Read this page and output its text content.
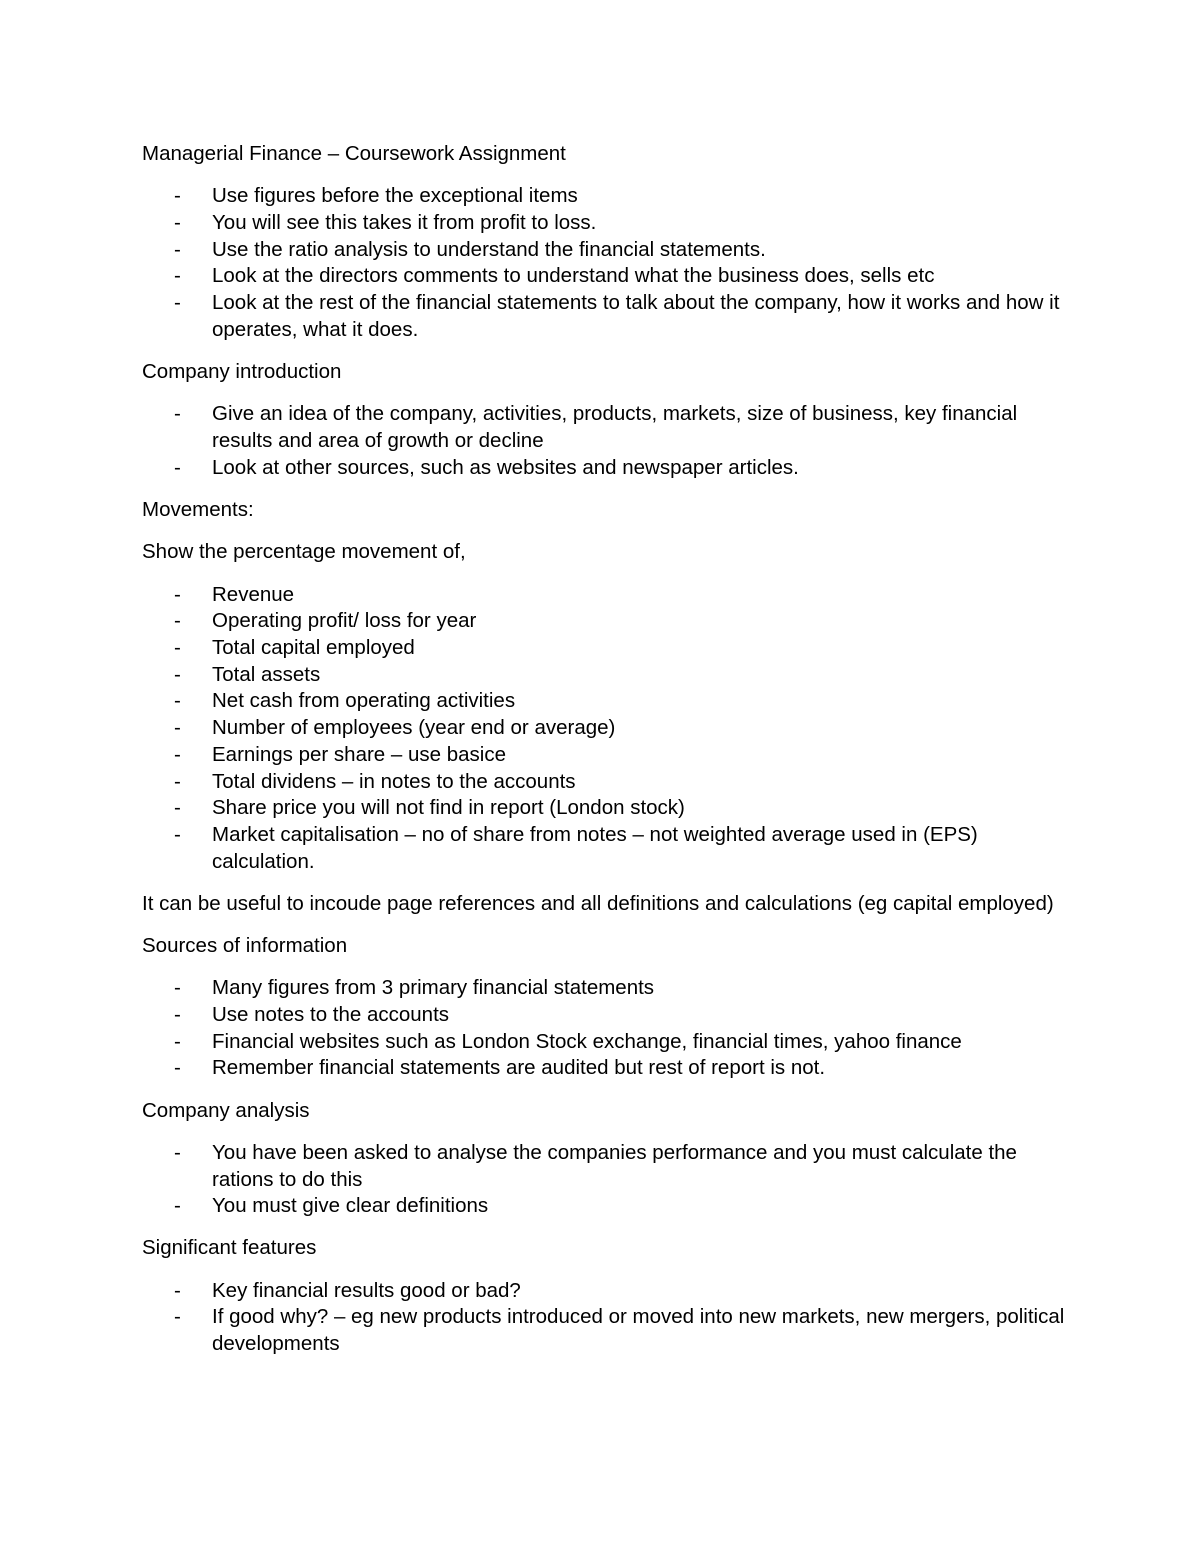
Managerial Finance – Coursework Assignment

- Use figures before the exceptional items
- You will see this takes it from profit to loss.
- Use the ratio analysis to understand the financial statements.
- Look at the directors comments to understand what the business does, sells etc
- Look at the rest of the financial statements to talk about the company, how it works and how it operates, what it does.

Company introduction

- Give an idea of the company, activities, products, markets, size of business, key financial results and area of growth or decline
- Look at other sources, such as websites and newspaper articles.

Movements:

Show the percentage movement of,

- Revenue
- Operating profit/ loss for year
- Total capital employed
- Total assets
- Net cash from operating activities
- Number of employees (year end or average)
- Earnings per share – use basice
- Total dividens – in notes to the accounts
- Share price you will not find in report (London stock)
- Market capitalisation – no of share from notes – not weighted average used in (EPS) calculation.

It can be useful to incoude page references and all definitions and calculations (eg capital employed)

Sources of information

- Many figures from 3 primary financial statements
- Use notes to the accounts
- Financial websites such as London Stock exchange, financial times, yahoo finance
- Remember financial statements are audited but rest of report is not.

Company analysis

- You have been asked to analyse the companies performance and you must calculate the rations to do this
- You must give clear definitions

Significant features

- Key financial results good or bad?
- If good why? – eg new products introduced or moved into new markets, new mergers, political developments
